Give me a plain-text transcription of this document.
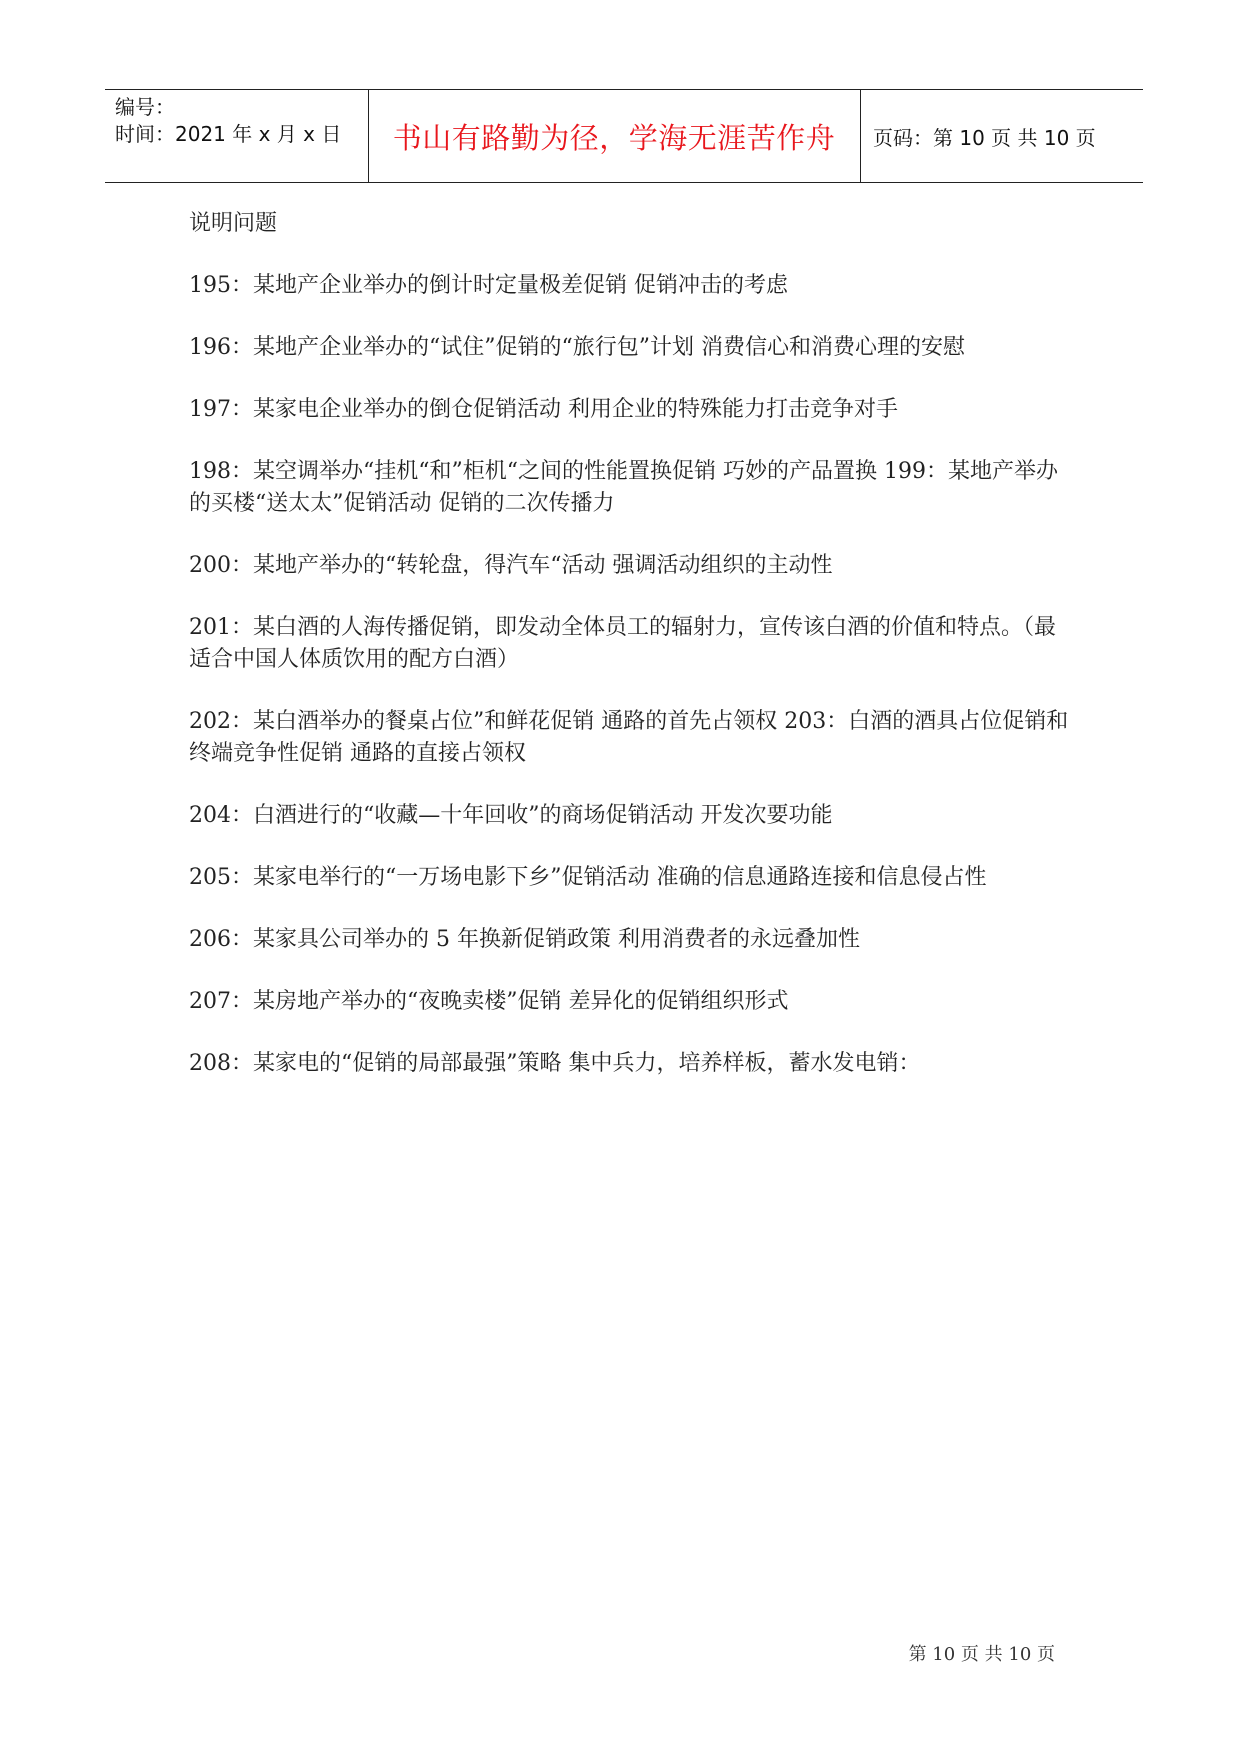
编号：
时间：2021 年 x 月 x 日	书山有路勤为径，学海无涯苦作舟	页码：第 10 页 共 10 页

说明问题

195：某地产企业举办的倒计时定量极差促销 促销冲击的考虑

196：某地产企业举办的“试住”促销的“旅行包”计划 消费信心和消费心理的安慰

197：某家电企业举办的倒仓促销活动 利用企业的特殊能力打击竞争对手

198：某空调举办“挂机“和”柜机“之间的性能置换促销 巧妙的产品置换 199：某地产举办的买楼“送太太”促销活动 促销的二次传播力

200：某地产举办的“转轮盘，得汽车“活动 强调活动组织的主动性

201：某白酒的人海传播促销，即发动全体员工的辐射力，宣传该白酒的价值和特点。（最适合中国人体质饮用的配方白酒）

202：某白酒举办的餐桌占位”和鲜花促销 通路的首先占领权 203：白酒的酒具占位促销和终端竞争性促销 通路的直接占领权

204：白酒进行的“收藏—十年回收”的商场促销活动 开发次要功能

205：某家电举行的“一万场电影下乡”促销活动 准确的信息通路连接和信息侵占性

206：某家具公司举办的 5 年换新促销政策 利用消费者的永远叠加性

207：某房地产举办的“夜晚卖楼”促销 差异化的促销组织形式

208：某家电的“促销的局部最强”策略 集中兵力，培养样板，蓄水发电销：

第 10 页 共 10 页
